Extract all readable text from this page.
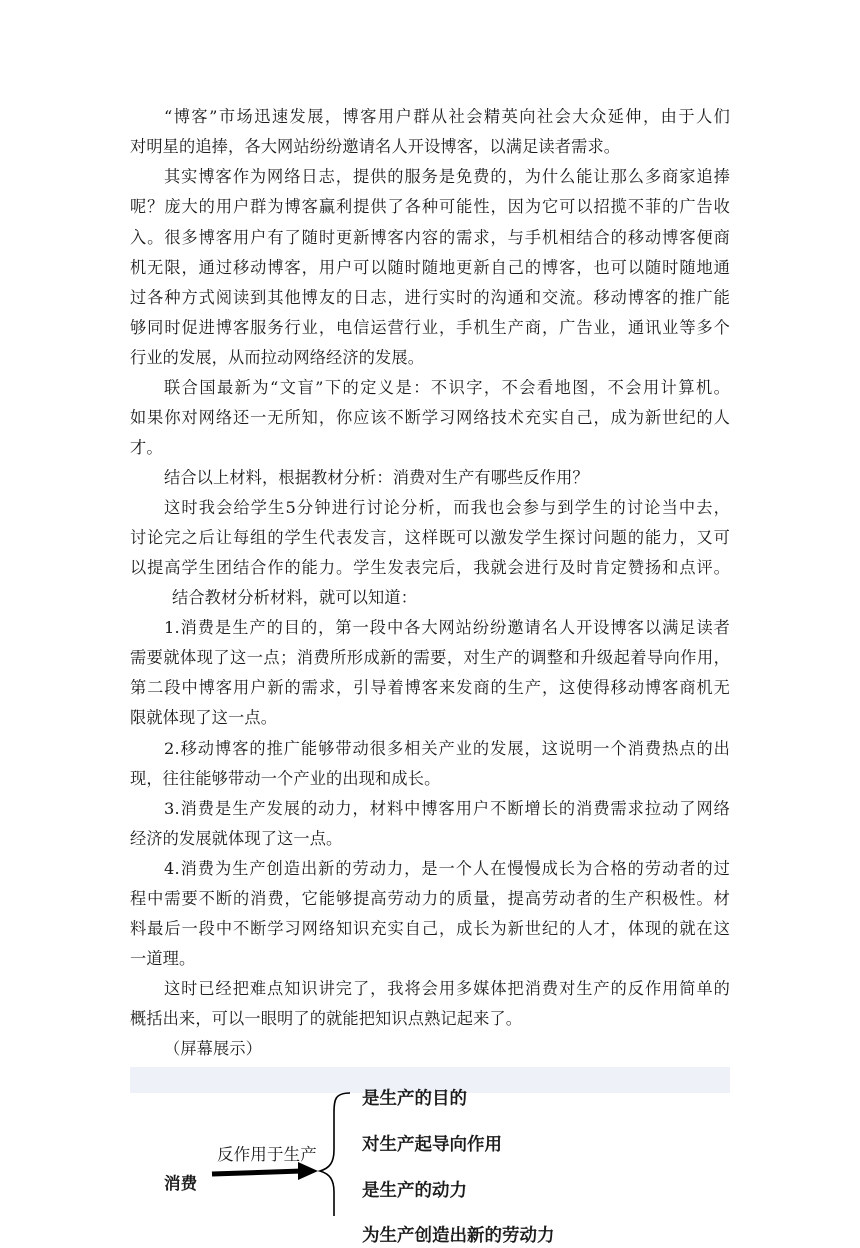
“博客”市场迅速发展，博客用户群从社会精英向社会大众延伸，由于人们
对明星的追捧，各大网站纷纷邀请名人开设博客，以满足读者需求。
其实博客作为网络日志，提供的服务是免费的，为什么能让那么多商家追捧
呢？庞大的用户群为博客赢利提供了各种可能性，因为它可以招揽不菲的广告收
入。很多博客用户有了随时更新博客内容的需求，与手机相结合的移动博客便商
机无限，通过移动博客，用户可以随时随地更新自己的博客，也可以随时随地通
过各种方式阅读到其他博友的日志，进行实时的沟通和交流。移动博客的推广能
够同时促进博客服务行业，电信运营行业，手机生产商，广告业，通讯业等多个
行业的发展，从而拉动网络经济的发展。
联合国最新为“文盲”下的定义是：不识字，不会看地图，不会用计算机。
如果你对网络还一无所知，你应该不断学习网络技术充实自己，成为新世纪的人
才。
结合以上材料，根据教材分析：消费对生产有哪些反作用？
这时我会给学生5分钟进行讨论分析，而我也会参与到学生的讨论当中去，
讨论完之后让每组的学生代表发言，这样既可以激发学生探讨问题的能力，又可
以提高学生团结合作的能力。学生发表完后，我就会进行及时肯定赞扬和点评。
结合教材分析材料，就可以知道：
1.消费是生产的目的，第一段中各大网站纷纷邀请名人开设博客以满足读者
需要就体现了这一点；消费所形成新的需要，对生产的调整和升级起着导向作用，
第二段中博客用户新的需求，引导着博客来发商的生产，这使得移动博客商机无
限就体现了这一点。
2.移动博客的推广能够带动很多相关产业的发展，这说明一个消费热点的出
现，往往能够带动一个产业的出现和成长。
3.消费是生产发展的动力，材料中博客用户不断增长的消费需求拉动了网络
经济的发展就体现了这一点。
4.消费为生产创造出新的劳动力，是一个人在慢慢成长为合格的劳动者的过
程中需要不断的消费，它能够提高劳动力的质量，提高劳动者的生产积极性。材
料最后一段中不断学习网络知识充实自己，成长为新世纪的人才，体现的就在这
一道理。
这时已经把难点知识讲完了，我将会用多媒体把消费对生产的反作用简单的
概括出来，可以一眼明了的就能把知识点熟记起来了。
（屏幕展示）
消费
反作用于生产
是生产的目的
对生产起导向作用
是生产的动力
为生产创造出新的劳动力
